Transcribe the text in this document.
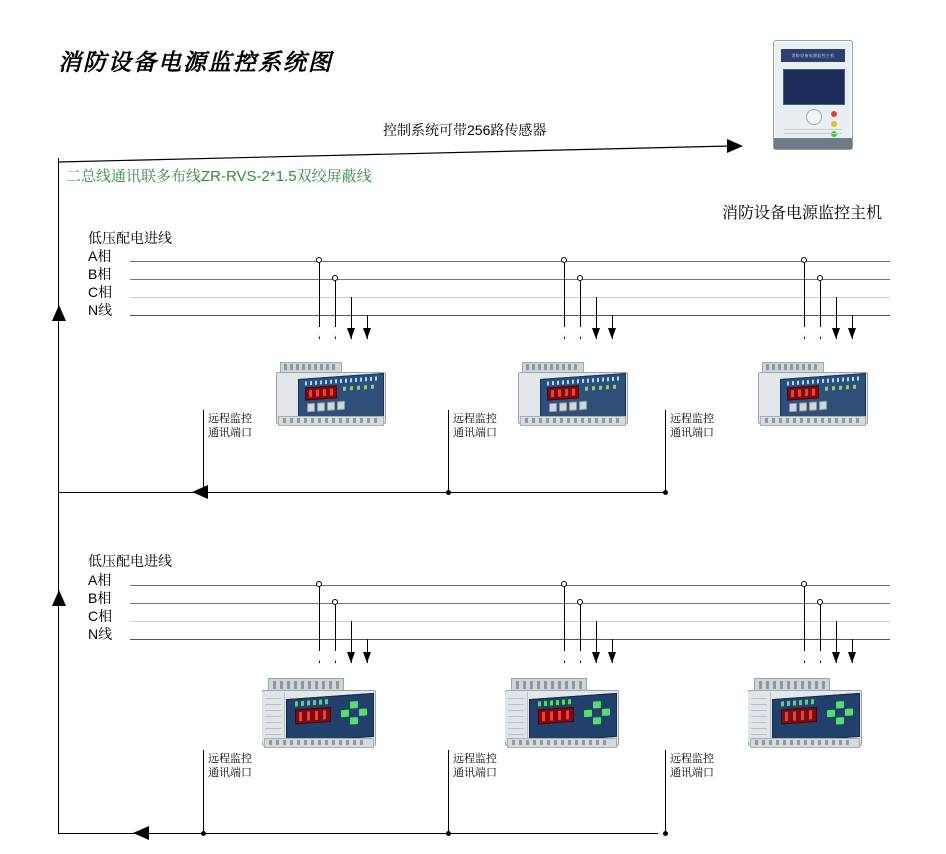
消防设备电源监控系统图	消防设备电源监控主机
消防设备电源监控主机
控制系统可带256路传感器
二总线通讯联多布线ZR-RVS-2*1.5双绞屏蔽线
低压配电进线
A相
B相
C相
N线
远程监控
通讯端口
远程监控
通讯端口
远程监控
通讯端口
低压配电进线
A相
B相
C相
N线
远程监控
通讯端口
远程监控
通讯端口
远程监控
通讯端口
